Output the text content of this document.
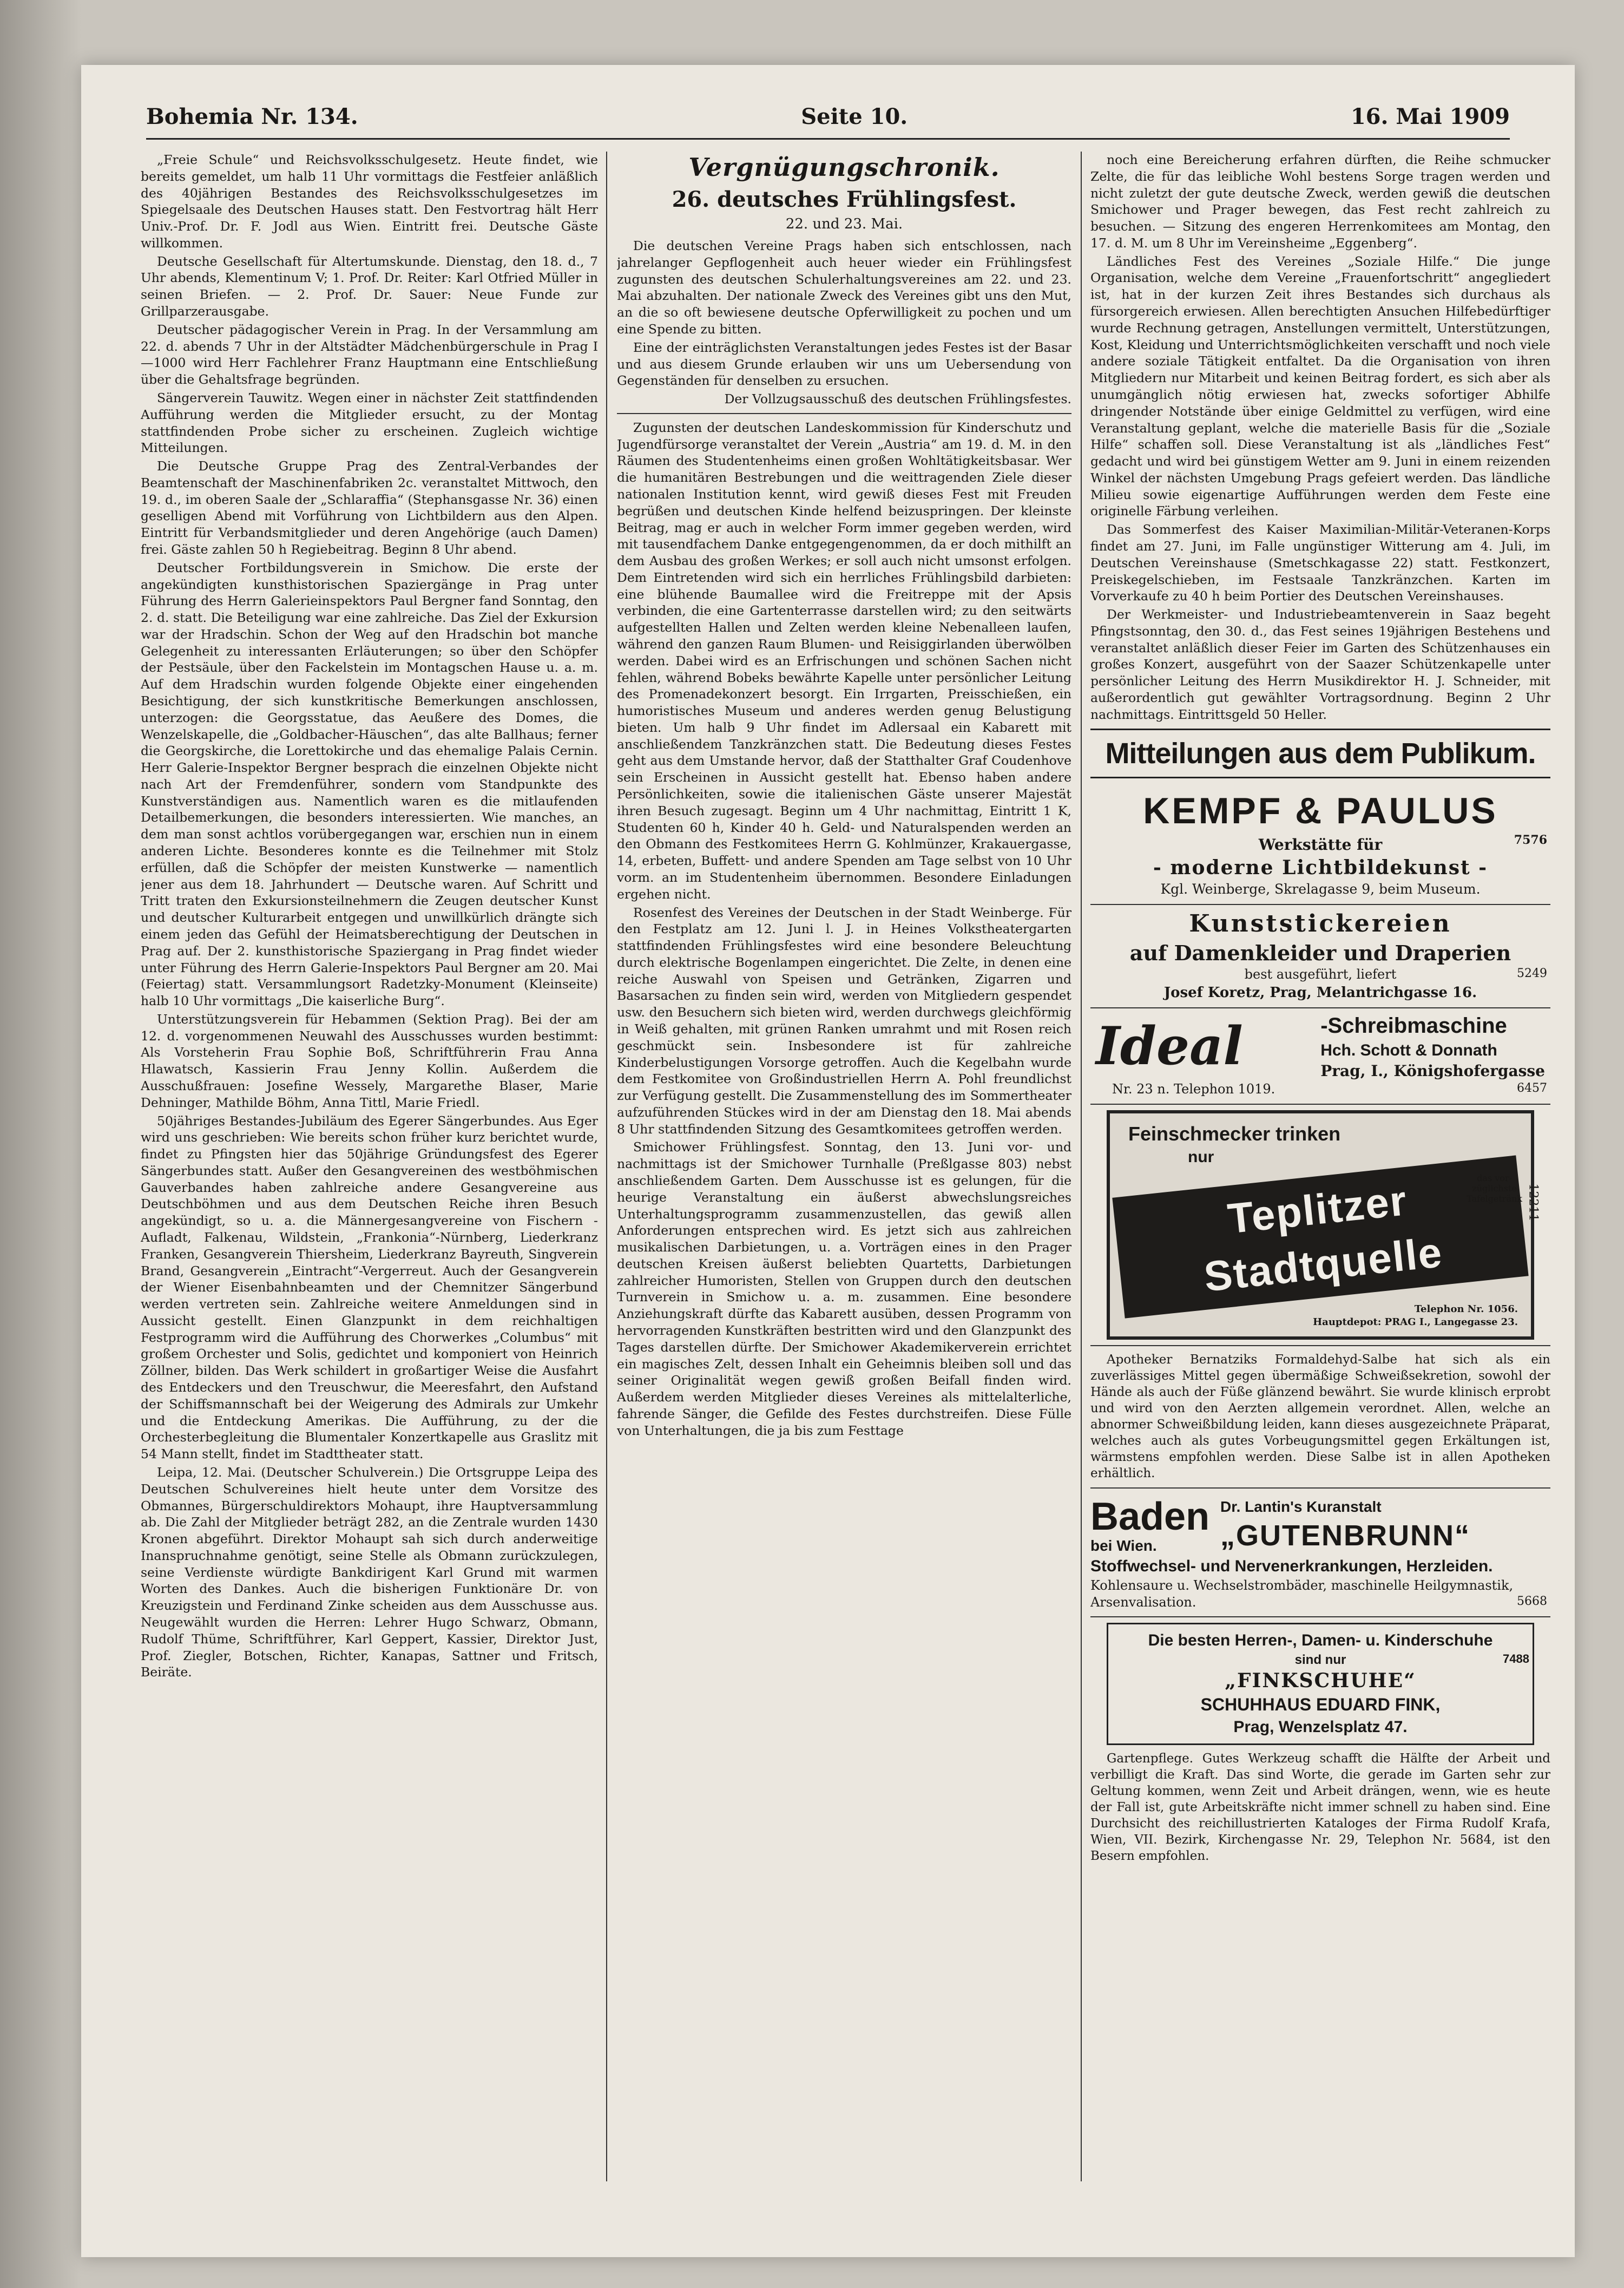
Bohemia Nr. 134.	Seite 10.	16. Mai 1909

„Freie Schule“ und Reichsvolksschulgesetz. Heute findet, wie bereits gemeldet, um halb 11 Uhr vormittags die Festfeier anläßlich des 40jährigen Bestandes des Reichsvolksschulgesetzes im Spiegelsaale des Deutschen Hauses statt. Den Festvortrag hält Herr Univ.-Prof. Dr. F. Jodl aus Wien. Eintritt frei. Deutsche Gäste willkommen.

Deutsche Gesellschaft für Altertumskunde. Dienstag, den 18. d., 7 Uhr abends, Klementinum V; 1. Prof. Dr. Reiter: Karl Otfried Müller in seinen Briefen. — 2. Prof. Dr. Sauer: Neue Funde zur Grillparzerausgabe.

Deutscher pädagogischer Verein in Prag. In der Versammlung am 22. d. abends 7 Uhr in der Altstädter Mädchenbürgerschule in Prag I—1000 wird Herr Fachlehrer Franz Hauptmann eine Entschließung über die Gehaltsfrage begründen.

Sängerverein Tauwitz. Wegen einer in nächster Zeit stattfindenden Aufführung werden die Mitglieder ersucht, zu der Montag stattfindenden Probe sicher zu erscheinen. Zugleich wichtige Mitteilungen.

Die Deutsche Gruppe Prag des Zentral-Verbandes der Beamtenschaft der Maschinenfabriken 2c. veranstaltet Mittwoch, den 19. d., im oberen Saale der „Schlaraffia“ (Stephansgasse Nr. 36) einen geselligen Abend mit Vorführung von Lichtbildern aus den Alpen. Eintritt für Verbandsmitglieder und deren Angehörige (auch Damen) frei. Gäste zahlen 50 h Regiebeitrag. Beginn 8 Uhr abend.

Deutscher Fortbildungsverein in Smichow. Die erste der angekündigten kunsthistorischen Spaziergänge in Prag unter Führung des Herrn Galerieinspektors Paul Bergner fand Sonntag, den 2. d. statt. Die Beteiligung war eine zahlreiche. Das Ziel der Exkursion war der Hradschin. Schon der Weg auf den Hradschin bot manche Gelegenheit zu interessanten Erläuterungen; so über den Schöpfer der Pestsäule, über den Fackelstein im Montagschen Hause u. a. m. Auf dem Hradschin wurden folgende Objekte einer eingehenden Besichtigung, der sich kunstkritische Bemerkungen anschlossen, unterzogen: die Georgsstatue, das Aeußere des Domes, die Wenzelskapelle, die „Goldbacher-Häuschen“, das alte Ballhaus; ferner die Georgskirche, die Lorettokirche und das ehemalige Palais Cernin. Herr Galerie-Inspektor Bergner besprach die einzelnen Objekte nicht nach Art der Fremdenführer, sondern vom Standpunkte des Kunstverständigen aus. Namentlich waren es die mitlaufenden Detailbemerkungen, die besonders interessierten. Wie manches, an dem man sonst achtlos vorübergegangen war, erschien nun in einem anderen Lichte. Besonderes konnte es die Teilnehmer mit Stolz erfüllen, daß die Schöpfer der meisten Kunstwerke — namentlich jener aus dem 18. Jahrhundert — Deutsche waren. Auf Schritt und Tritt traten den Exkursionsteilnehmern die Zeugen deutscher Kunst und deutscher Kulturarbeit entgegen und unwillkürlich drängte sich einem jeden das Gefühl der Heimatsberechtigung der Deutschen in Prag auf. Der 2. kunsthistorische Spaziergang in Prag findet wieder unter Führung des Herrn Galerie-Inspektors Paul Bergner am 20. Mai (Feiertag) statt. Versammlungsort Radetzky-Monument (Kleinseite) halb 10 Uhr vormittags „Die kaiserliche Burg“.

Unterstützungsverein für Hebammen (Sektion Prag). Bei der am 12. d. vorgenommenen Neuwahl des Ausschusses wurden bestimmt: Als Vorsteherin Frau Sophie Boß, Schriftführerin Frau Anna Hlawatsch, Kassierin Frau Jenny Kollin. Außerdem die Ausschußfrauen: Josefine Wessely, Margarethe Blaser, Marie Dehninger, Mathilde Böhm, Anna Tittl, Marie Friedl.

50jähriges Bestandes-Jubiläum des Egerer Sängerbundes. Aus Eger wird uns geschrieben: Wie bereits schon früher kurz berichtet wurde, findet zu Pfingsten hier das 50jährige Gründungsfest des Egerer Sängerbundes statt. Außer den Gesangvereinen des westböhmischen Gauverbandes haben zahlreiche andere Gesangvereine aus Deutschböhmen und aus dem Deutschen Reiche ihren Besuch angekündigt, so u. a. die Männergesangvereine von Fischern - Aufladt, Falkenau, Wildstein, „Frankonia“-Nürnberg, Liederkranz Franken, Gesangverein Thiersheim, Liederkranz Bayreuth, Singverein Brand, Gesangverein „Eintracht“-Vergerreut. Auch der Gesangverein der Wiener Eisenbahnbeamten und der Chemnitzer Sängerbund werden vertreten sein. Zahlreiche weitere Anmeldungen sind in Aussicht gestellt. Einen Glanzpunkt in dem reichhaltigen Festprogramm wird die Aufführung des Chorwerkes „Columbus“ mit großem Orchester und Solis, gedichtet und komponiert von Heinrich Zöllner, bilden. Das Werk schildert in großartiger Weise die Ausfahrt des Entdeckers und den Treuschwur, die Meeresfahrt, den Aufstand der Schiffsmannschaft bei der Weigerung des Admirals zur Umkehr und die Entdeckung Amerikas. Die Aufführung, zu der die Orchesterbegleitung die Blumentaler Konzertkapelle aus Graslitz mit 54 Mann stellt, findet im Stadttheater statt.

Leipa, 12. Mai. (Deutscher Schulverein.) Die Ortsgruppe Leipa des Deutschen Schulvereines hielt heute unter dem Vorsitze des Obmannes, Bürgerschuldirektors Mohaupt, ihre Hauptversammlung ab. Die Zahl der Mitglieder beträgt 282, an die Zentrale wurden 1430 Kronen abgeführt. Direktor Mohaupt sah sich durch anderweitige Inanspruchnahme genötigt, seine Stelle als Obmann zurückzulegen, seine Verdienste würdigte Bankdirigent Karl Grund mit warmen Worten des Dankes. Auch die bisherigen Funktionäre Dr. von Kreuzigstein und Ferdinand Zinke scheiden aus dem Ausschusse aus. Neugewählt wurden die Herren: Lehrer Hugo Schwarz, Obmann, Rudolf Thüme, Schriftführer, Karl Geppert, Kassier, Direktor Just, Prof. Ziegler, Botschen, Richter, Kanapas, Sattner und Fritsch, Beiräte.

Vergnügungschronik.
26. deutsches Frühlingsfest.
22. und 23. Mai.

Die deutschen Vereine Prags haben sich entschlossen, nach jahrelanger Gepflogenheit auch heuer wieder ein Frühlingsfest zugunsten des deutschen Schulerhaltungsvereines am 22. und 23. Mai abzuhalten. Der nationale Zweck des Vereines gibt uns den Mut, an die so oft bewiesene deutsche Opferwilligkeit zu pochen und um eine Spende zu bitten.

Eine der einträglichsten Veranstaltungen jedes Festes ist der Basar und aus diesem Grunde erlauben wir uns um Uebersendung von Gegenständen für denselben zu ersuchen.

Der Vollzugsausschuß des deutschen Frühlingsfestes.

Zugunsten der deutschen Landeskommission für Kinderschutz und Jugendfürsorge veranstaltet der Verein „Austria“ am 19. d. M. in den Räumen des Studentenheims einen großen Wohltätigkeitsbasar. Wer die humanitären Bestrebungen und die weittragenden Ziele dieser nationalen Institution kennt, wird gewiß dieses Fest mit Freuden begrüßen und deutschen Kinde helfend beizuspringen. Der kleinste Beitrag, mag er auch in welcher Form immer gegeben werden, wird mit tausendfachem Danke entgegengenommen, da er doch mithilft an dem Ausbau des großen Werkes; er soll auch nicht umsonst erfolgen. Dem Eintretenden wird sich ein herrliches Frühlingsbild darbieten: eine blühende Baumallee wird die Freitreppe mit der Apsis verbinden, die eine Gartenterrasse darstellen wird; zu den seitwärts aufgestellten Hallen und Zelten werden kleine Nebenalleen laufen, während den ganzen Raum Blumen- und Reisiggirlanden überwölben werden. Dabei wird es an Erfrischungen und schönen Sachen nicht fehlen, während Bobeks bewährte Kapelle unter persönlicher Leitung des Promenadekonzert besorgt. Ein Irrgarten, Preisschießen, ein humoristisches Museum und anderes werden genug Belustigung bieten. Um halb 9 Uhr findet im Adlersaal ein Kabarett mit anschließendem Tanzkränzchen statt. Die Bedeutung dieses Festes geht aus dem Umstande hervor, daß der Statthalter Graf Coudenhove sein Erscheinen in Aussicht gestellt hat. Ebenso haben andere Persönlichkeiten, sowie die italienischen Gäste unserer Majestät ihren Besuch zugesagt. Beginn um 4 Uhr nachmittag, Eintritt 1 K, Studenten 60 h, Kinder 40 h. Geld- und Naturalspenden werden an den Obmann des Festkomitees Herrn G. Kohlmünzer, Krakauergasse, 14, erbeten, Buffett- und andere Spenden am Tage selbst von 10 Uhr vorm. an im Studentenheim übernommen. Besondere Einladungen ergehen nicht.

Rosenfest des Vereines der Deutschen in der Stadt Weinberge. Für den Festplatz am 12. Juni l. J. in Heines Volkstheatergarten stattfindenden Frühlingsfestes wird eine besondere Beleuchtung durch elektrische Bogenlampen eingerichtet. Die Zelte, in denen eine reiche Auswahl von Speisen und Getränken, Zigarren und Basarsachen zu finden sein wird, werden von Mitgliedern gespendet usw. den Besuchern sich bieten wird, werden durchwegs gleichförmig in Weiß gehalten, mit grünen Ranken umrahmt und mit Rosen reich geschmückt sein. Insbesondere ist für zahlreiche Kinderbelustigungen Vorsorge getroffen. Auch die Kegelbahn wurde dem Festkomitee von Großindustriellen Herrn A. Pohl freundlichst zur Verfügung gestellt. Die Zusammenstellung des im Sommertheater aufzuführenden Stückes wird in der am Dienstag den 18. Mai abends 8 Uhr stattfindenden Sitzung des Gesamtkomitees getroffen werden.

Smichower Frühlingsfest. Sonntag, den 13. Juni vor- und nachmittags ist der Smichower Turnhalle (Preßlgasse 803) nebst anschließendem Garten. Dem Ausschusse ist es gelungen, für die heurige Veranstaltung ein äußerst abwechslungsreiches Unterhaltungsprogramm zusammenzustellen, das gewiß allen Anforderungen entsprechen wird. Es jetzt sich aus zahlreichen musikalischen Darbietungen, u. a. Vorträgen eines in den Prager deutschen Kreisen äußerst beliebten Quartetts, Darbietungen zahlreicher Humoristen, Stellen von Gruppen durch den deutschen Turnverein in Smichow u. a. m. zusammen. Eine besondere Anziehungskraft dürfte das Kabarett ausüben, dessen Programm von hervorragenden Kunstkräften bestritten wird und den Glanzpunkt des Tages darstellen dürfte. Der Smichower Akademikerverein errichtet ein magisches Zelt, dessen Inhalt ein Geheimnis bleiben soll und das seiner Originalität wegen gewiß großen Beifall finden wird. Außerdem werden Mitglieder dieses Vereines als mittelalterliche, fahrende Sänger, die Gefilde des Festes durchstreifen. Diese Fülle von Unterhaltungen, die ja bis zum Festtage

noch eine Bereicherung erfahren dürften, die Reihe schmucker Zelte, die für das leibliche Wohl bestens Sorge tragen werden und nicht zuletzt der gute deutsche Zweck, werden gewiß die deutschen Smichower und Prager bewegen, das Fest recht zahlreich zu besuchen. — Sitzung des engeren Herrenkomitees am Montag, den 17. d. M. um 8 Uhr im Vereinsheime „Eggenberg“.

Ländliches Fest des Vereines „Soziale Hilfe.“ Die junge Organisation, welche dem Vereine „Frauenfortschritt“ angegliedert ist, hat in der kurzen Zeit ihres Bestandes sich durchaus als fürsorgereich erwiesen. Allen berechtigten Ansuchen Hilfebedürftiger wurde Rechnung getragen, Anstellungen vermittelt, Unterstützungen, Kost, Kleidung und Unterrichtsmöglichkeiten verschafft und noch viele andere soziale Tätigkeit entfaltet. Da die Organisation von ihren Mitgliedern nur Mitarbeit und keinen Beitrag fordert, es sich aber als unumgänglich nötig erwiesen hat, zwecks sofortiger Abhilfe dringender Notstände über einige Geldmittel zu verfügen, wird eine Veranstaltung geplant, welche die materielle Basis für die „Soziale Hilfe“ schaffen soll. Diese Veranstaltung ist als „ländliches Fest“ gedacht und wird bei günstigem Wetter am 9. Juni in einem reizenden Winkel der nächsten Umgebung Prags gefeiert werden. Das ländliche Milieu sowie eigenartige Aufführungen werden dem Feste eine originelle Färbung verleihen.

Das Sommerfest des Kaiser Maximilian-Militär-Veteranen-Korps findet am 27. Juni, im Falle ungünstiger Witterung am 4. Juli, im Deutschen Vereinshause (Smetschkagasse 22) statt. Festkonzert, Preiskegelschieben, im Festsaale Tanzkränzchen. Karten im Vorverkaufe zu 40 h beim Portier des Deutschen Vereinshauses.

Der Werkmeister- und Industriebeamtenverein in Saaz begeht Pfingstsonntag, den 30. d., das Fest seines 19jährigen Bestehens und veranstaltet anläßlich dieser Feier im Garten des Schützenhauses ein großes Konzert, ausgeführt von der Saazer Schützenkapelle unter persönlicher Leitung des Herrn Musikdirektor H. J. Schneider, mit außerordentlich gut gewählter Vortragsordnung. Beginn 2 Uhr nachmittags. Eintrittsgeld 50 Heller.

Mitteilungen aus dem Publikum.
KEMPF & PAULUS
Werkstätte für	7576
- moderne Lichtbildekunst -
Kgl. Weinberge, Skrelagasse 9, beim Museum.
Kunststickereien
auf Damenkleider und Draperien
best ausgeführt, liefert	5249
Josef Koretz, Prag, Melantrichgasse 16.
Ideal	-Schreibmaschine
Hch. Schott & Donnath
Prag, I., Königshofergasse
Nr. 23 n. Telephon 1019.	6457
Feinschmecker trinken
nur
Teplitzer Stadtquelle
das vor-
züglichste
Tafelgetränk
Telephon Nr. 1056.
Hauptdepot: PRAG I., Langegasse 23.
12211

Apotheker Bernatziks Formaldehyd-Salbe hat sich als ein zuverlässiges Mittel gegen übermäßige Schweißsekretion, sowohl der Hände als auch der Füße glänzend bewährt. Sie wurde klinisch erprobt und wird von den Aerzten allgemein verordnet. Allen, welche an abnormer Schweißbildung leiden, kann dieses ausgezeichnete Präparat, welches auch als gutes Vorbeugungsmittel gegen Erkältungen ist, wärmstens empfohlen werden. Diese Salbe ist in allen Apotheken erhältlich.

Baden
bei Wien.
Dr. Lantin's Kuranstalt
„GUTENBRUNN“
Stoffwechsel- und Nervenerkrankungen, Herzleiden.
Kohlensaure u. Wechselstrombäder, maschinelle Heilgymnastik, Arsenvalisation.	5668
Die besten Herren-, Damen- u. Kinderschuhe
sind nur	7488
„FINKSCHUHE“
SCHUHHAUS EDUARD FINK,
Prag, Wenzelsplatz 47.

Gartenpflege. Gutes Werkzeug schafft die Hälfte der Arbeit und verbilligt die Kraft. Das sind Worte, die gerade im Garten sehr zur Geltung kommen, wenn Zeit und Arbeit drängen, wenn, wie es heute der Fall ist, gute Arbeitskräfte nicht immer schnell zu haben sind. Eine Durchsicht des reichillustrierten Kataloges der Firma Rudolf Krafa, Wien, VII. Bezirk, Kirchengasse Nr. 29, Telephon Nr. 5684, ist den Besern empfohlen.
